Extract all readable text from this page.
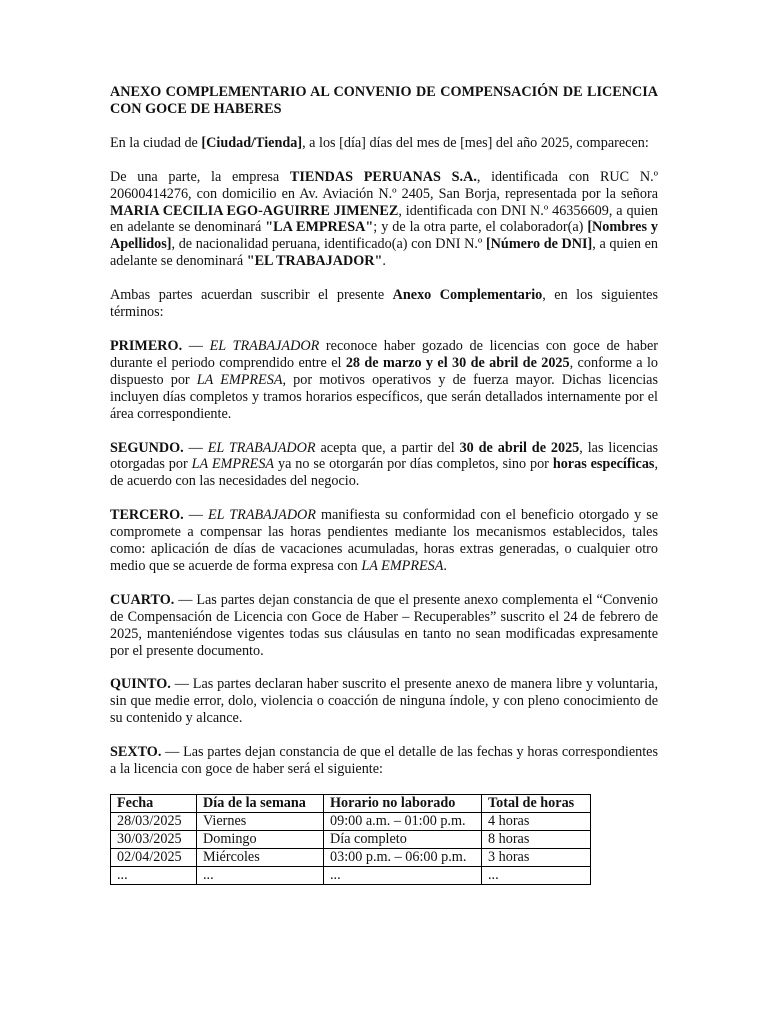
ANEXO COMPLEMENTARIO AL CONVENIO DE COMPENSACIÓN DE LICENCIA CON GOCE DE HABERES

En la ciudad de [Ciudad/Tienda], a los [día] días del mes de [mes] del año 2025, comparecen:

De una parte, la empresa TIENDAS PERUANAS S.A., identificada con RUC N.º 20600414276, con domicilio en Av. Aviación N.º 2405, San Borja, representada por la señora MARIA CECILIA EGO-AGUIRRE JIMENEZ, identificada con DNI N.º 46356609, a quien en adelante se denominará "LA EMPRESA"; y de la otra parte, el colaborador(a) [Nombres y Apellidos], de nacionalidad peruana, identificado(a) con DNI N.º [Número de DNI], a quien en adelante se denominará "EL TRABAJADOR".

Ambas partes acuerdan suscribir el presente Anexo Complementario, en los siguientes términos:

PRIMERO. — EL TRABAJADOR reconoce haber gozado de licencias con goce de haber durante el periodo comprendido entre el 28 de marzo y el 30 de abril de 2025, conforme a lo dispuesto por LA EMPRESA, por motivos operativos y de fuerza mayor. Dichas licencias incluyen días completos y tramos horarios específicos, que serán detallados internamente por el área correspondiente.

SEGUNDO. — EL TRABAJADOR acepta que, a partir del 30 de abril de 2025, las licencias otorgadas por LA EMPRESA ya no se otorgarán por días completos, sino por horas específicas, de acuerdo con las necesidades del negocio.

TERCERO. — EL TRABAJADOR manifiesta su conformidad con el beneficio otorgado y se compromete a compensar las horas pendientes mediante los mecanismos establecidos, tales como: aplicación de días de vacaciones acumuladas, horas extras generadas, o cualquier otro medio que se acuerde de forma expresa con LA EMPRESA.

CUARTO. — Las partes dejan constancia de que el presente anexo complementa el “Convenio de Compensación de Licencia con Goce de Haber – Recuperables” suscrito el 24 de febrero de 2025, manteniéndose vigentes todas sus cláusulas en tanto no sean modificadas expresamente por el presente documento.

QUINTO. — Las partes declaran haber suscrito el presente anexo de manera libre y voluntaria, sin que medie error, dolo, violencia o coacción de ninguna índole, y con pleno conocimiento de su contenido y alcance.

SEXTO. — Las partes dejan constancia de que el detalle de las fechas y horas correspondientes a la licencia con goce de haber será el siguiente:

Fecha	Día de la semana	Horario no laborado	Total de horas
28/03/2025	Viernes	09:00 a.m. – 01:00 p.m.	4 horas
30/03/2025	Domingo	Día completo	8 horas
02/04/2025	Miércoles	03:00 p.m. – 06:00 p.m.	3 horas
...	...	...	...
